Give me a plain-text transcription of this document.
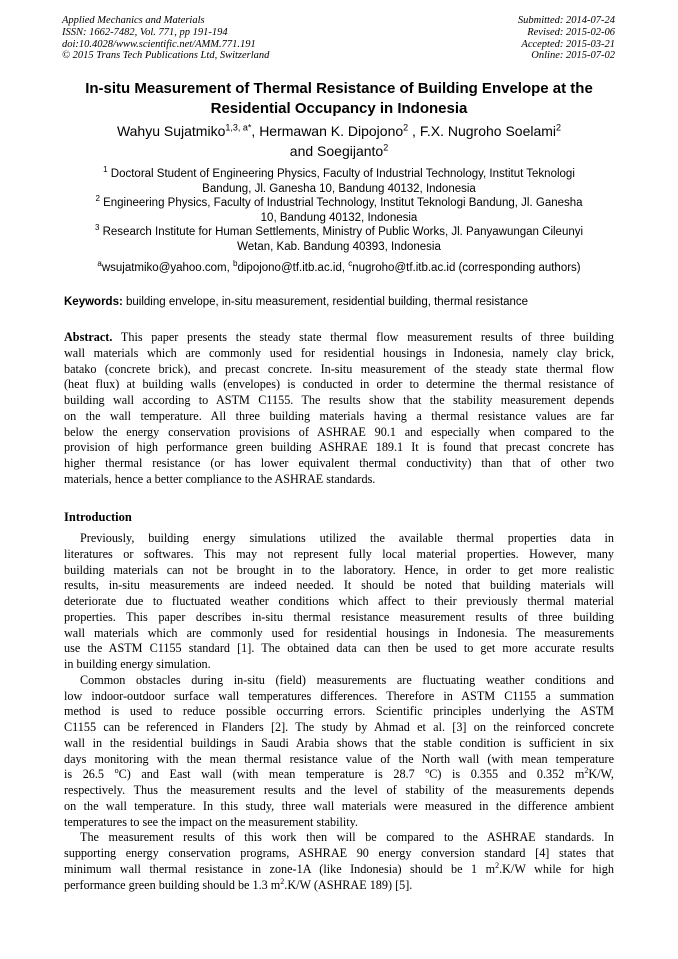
Applied Mechanics and Materials
ISSN: 1662-7482, Vol. 771, pp 191-194
doi:10.4028/www.scientific.net/AMM.771.191
© 2015 Trans Tech Publications Ltd, Switzerland
Submitted: 2014-07-24
Revised: 2015-02-06
Accepted: 2015-03-21
Online: 2015-07-02
In-situ Measurement of Thermal Resistance of Building Envelope at the
Residential Occupancy in Indonesia
Wahyu Sujatmiko$^{1,3, a*}$, Hermawan K. Dipojono$^2$ , F.X. Nugroho Soelami$^2$
and Soegijanto$^2$
$^1$ Doctoral Student of Engineering Physics, Faculty of Industrial Technology, Institut Teknologi
Bandung, Jl. Ganesha 10, Bandung 40132, Indonesia
$^2$ Engineering Physics, Faculty of Industrial Technology, Institut Teknologi Bandung, Jl. Ganesha
10, Bandung 40132, Indonesia
$^3$ Research Institute for Human Settlements, Ministry of Public Works, Jl. Panyawungan Cileunyi
Wetan, Kab. Bandung 40393, Indonesia
$^a$wsujatmiko@yahoo.com, $^b$dipojono@tf.itb.ac.id, $^c$nugroho@tf.itb.ac.id (corresponding authors)
Keywords: building envelope, in-situ measurement, residential building, thermal resistance
Abstract. This paper presents the steady state thermal flow measurement results of three building
wall materials which are commonly used for residential housings in Indonesia, namely clay brick,
batako (concrete brick), and precast concrete. In-situ measurement of the steady state thermal flow
(heat flux) at building walls (envelopes) is conducted in order to determine the thermal resistance of
building wall according to ASTM C1155. The results show that the stability measurement depends
on the wall temperature. All three building materials having a thermal resistance values are far
below the energy conservation provisions of ASHRAE 90.1 and especially when compared to the
provision of high performance green building ASHRAE 189.1 It is found that precast concrete has
higher thermal resistance (or has lower equivalent thermal conductivity) than that of other two
materials, hence a better compliance to the ASHRAE standards.
Introduction
Previously, building energy simulations utilized the available thermal properties data in
literatures or softwares. This may not represent fully local material properties. However, many
building materials can not be brought in to the laboratory. Hence, in order to get more realistic
results, in-situ measurements are indeed needed. It should be noted that building materials will
deteriorate due to fluctuated weather conditions which affect to their previously thermal material
properties. This paper describes in-situ thermal resistance measurement results of three building
wall materials which are commonly used for residential housings in Indonesia. The measurements
use the ASTM C1155 standard [1]. The obtained data can then be used to get more accurate results
in building energy simulation.
Common obstacles during in-situ (field) measurements are fluctuating weather conditions and
low indoor-outdoor surface wall temperatures differences. Therefore in ASTM C1155 a summation
method is used to reduce possible occurring errors. Scientific principles underlying the ASTM
C1155 can be referenced in Flanders [2]. The study by Ahmad et al. [3] on the reinforced concrete
wall in the residential buildings in Saudi Arabia shows that the stable condition is sufficient in six
days monitoring with the mean thermal resistance value of the North wall (with mean temperature
is 26.5 $^o$C) and East wall (with mean temperature is 28.7 $^o$C) is 0.355 and 0.352 $m^2K/W$,
respectively. Thus the measurement results and the level of stability of the measurements depends
on the wall temperature. In this study, three wall materials were measured in the difference ambient
temperatures to see the impact on the measurement stability.
The measurement results of this work then will be compared to the ASHRAE standards. In
supporting energy conservation programs, ASHRAE 90 energy conversion standard [4] states that
minimum wall thermal resistance in zone-1A (like Indonesia) should be 1 $m^2.K/W$ while for high
performance green building should be 1.3 $m^2.K/W$ (ASHRAE 189) [5].
